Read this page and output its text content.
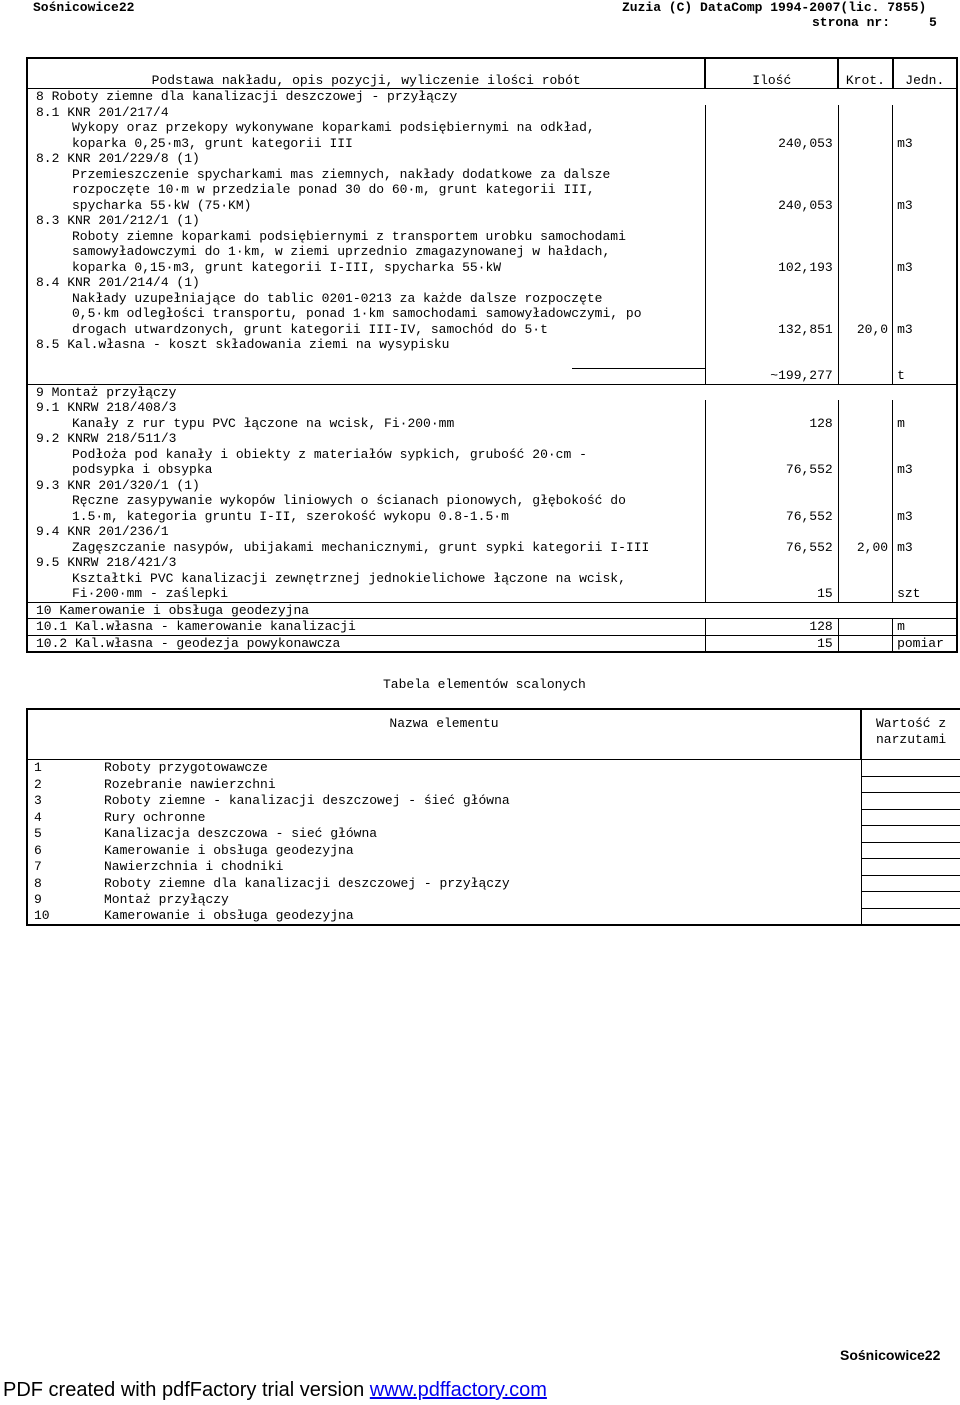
Sośnicowice22	Zuzia (C) DataComp 1994-2007(lic. 7855)
strona nr:	5
Podstawa nakładu, opis pozycji, wyliczenie ilości robót	Ilość	Krot.	Jedn.

8 Roboty ziemne dla kanalizacji deszczowej - przyłączy			

8.1 KNR 201/217/4
Wykopy oraz przekopy wykonywane koparkami podsiębiernymi na odkład,
koparka 0,25·m3, grunt kategorii III	240,053		m3

8.2 KNR 201/229/8 (1)
Przemieszczenie spycharkami mas ziemnych, nakłady dodatkowe za dalsze
rozpoczęte 10·m w przedziale ponad 30 do 60·m, grunt kategorii III,
spycharka 55·kW (75·KM)	240,053		m3

8.3 KNR 201/212/1 (1)
Roboty ziemne koparkami podsiębiernymi z transportem urobku samochodami
samowyładowczymi do 1·km, w ziemi uprzednio zmagazynowanej w hałdach,
koparka 0,15·m3, grunt kategorii I-III, spycharka 55·kW	102,193		m3

8.4 KNR 201/214/4 (1)
Nakłady uzupełniające do tablic 0201-0213 za każde dalsze rozpoczęte
0,5·km odległości transportu, ponad 1·km samochodami samowyładowczymi, po
drogach utwardzonych, grunt kategorii III-IV, samochód do 5·t	132,851	20,0	m3

8.5 Kal.własna - koszt składowania ziemi na wysypisku	~199,277		t

9 Montaż przyłączy			

9.1 KNRW 218/408/3
Kanały z rur typu PVC łączone na wcisk, Fi·200·mm	128		m

9.2 KNRW 218/511/3
Podłoża pod kanały i obiekty z materiałów sypkich, grubość 20·cm -
podsypka i obsypka	76,552		m3

9.3 KNR 201/320/1 (1)
Ręczne zasypywanie wykopów liniowych o ścianach pionowych, głębokość do
1.5·m, kategoria gruntu I-II, szerokość wykopu 0.8-1.5·m	76,552		m3

9.4 KNR 201/236/1
Zagęszczanie nasypów, ubijakami mechanicznymi, grunt sypki kategorii I-III	76,552	2,00	m3

9.5 KNRW 218/421/3
Kształtki PVC kanalizacji zewnętrznej jednokielichowe łączone na wcisk,
Fi·200·mm - zaślepki	15		szt

10 Kamerowanie i obsługa geodezyjna			

10.1 Kal.własna - kamerowanie kanalizacji	128		m

10.2 Kal.własna - geodezja powykonawcza	15		pomiar
Tabela elementów scalonych
Nazwa elementu	Wartość z
narzutami
1 Roboty przygotowawcze	
2 Rozebranie nawierzchni	
3 Roboty ziemne - kanalizacji deszczowej - śieć główna	
4 Rury ochronne	
5 Kanalizacja deszczowa - sieć główna	
6 Kamerowanie i obsługa geodezyjna	
7 Nawierzchnia i chodniki	
8 Roboty ziemne dla kanalizacji deszczowej - przyłączy	
9 Montaż przyłączy	
10 Kamerowanie i obsługa geodezyjna	
Sośnicowice22
PDF created with pdfFactory trial version www.pdffactory.com
